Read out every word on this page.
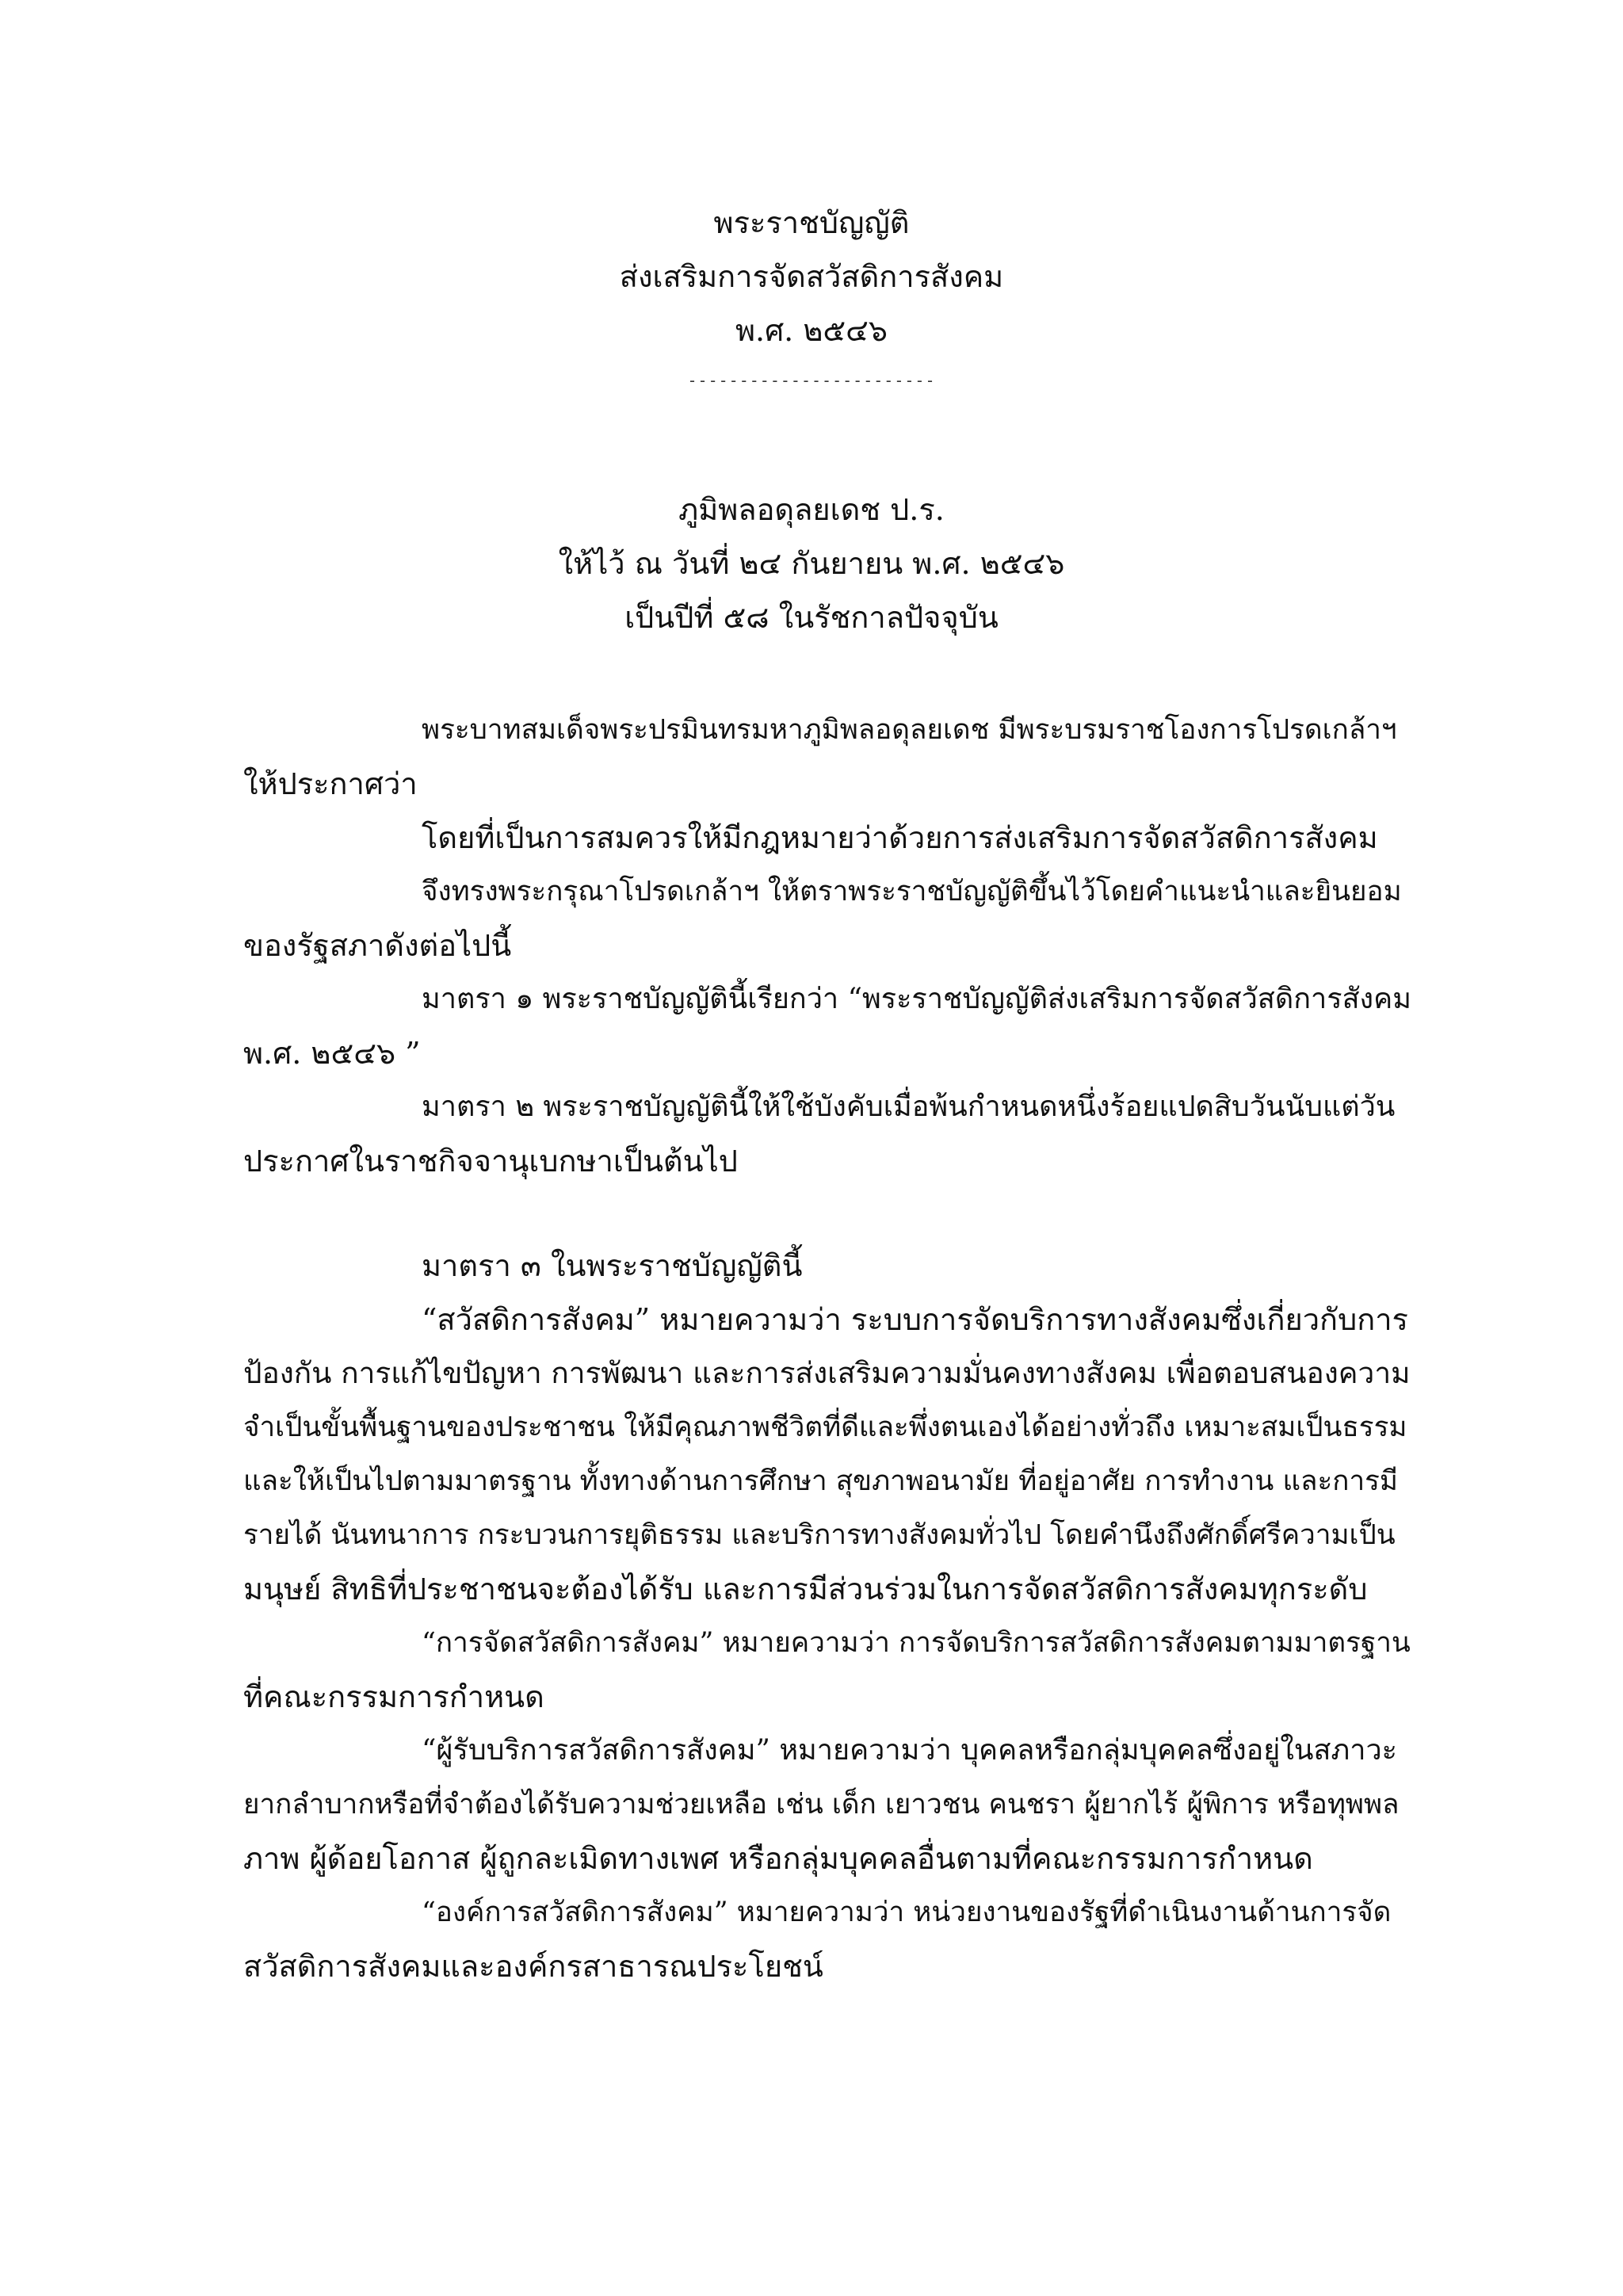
พระราชบัญญัติ
ส่งเสริมการจัดสวัสดิการสังคม
พ.ศ. ๒๕๔๖
------------------------
ภูมิพลอดุลยเดช ป.ร.
ให้ไว้ ณ วันที่ ๒๔ กันยายน พ.ศ. ๒๕๔๖
เป็นปีที่ ๕๘ ในรัชกาลปัจจุบัน
พระบาทสมเด็จพระปรมินทรมหาภูมิพลอดุลยเดช มีพระบรมราชโองการโปรดเกล้าฯ
ให้ประกาศว่า
โดยที่เป็นการสมควรให้มีกฎหมายว่าด้วยการส่งเสริมการจัดสวัสดิการสังคม
จึงทรงพระกรุณาโปรดเกล้าฯ ให้ตราพระราชบัญญัติขึ้นไว้โดยคำแนะนำและยินยอม
ของรัฐสภาดังต่อไปนี้
มาตรา ๑ พระราชบัญญัตินี้เรียกว่า “พระราชบัญญัติส่งเสริมการจัดสวัสดิการสังคม
พ.ศ. ๒๕๔๖ ”
มาตรา ๒ พระราชบัญญัตินี้ให้ใช้บังคับเมื่อพ้นกำหนดหนึ่งร้อยแปดสิบวันนับแต่วัน
ประกาศในราชกิจจานุเบกษาเป็นต้นไป
มาตรา ๓ ในพระราชบัญญัตินี้
“สวัสดิการสังคม” หมายความว่า ระบบการจัดบริการทางสังคมซึ่งเกี่ยวกับการ
ป้องกัน การแก้ไขปัญหา การพัฒนา และการส่งเสริมความมั่นคงทางสังคม เพื่อตอบสนองความ
จำเป็นขั้นพื้นฐานของประชาชน ให้มีคุณภาพชีวิตที่ดีและพึ่งตนเองได้อย่างทั่วถึง เหมาะสมเป็นธรรม
และให้เป็นไปตามมาตรฐาน ทั้งทางด้านการศึกษา สุขภาพอนามัย ที่อยู่อาศัย การทำงาน และการมี
รายได้ นันทนาการ กระบวนการยุติธรรม และบริการทางสังคมทั่วไป โดยคำนึงถึงศักดิ์ศรีความเป็น
มนุษย์ สิทธิที่ประชาชนจะต้องได้รับ และการมีส่วนร่วมในการจัดสวัสดิการสังคมทุกระดับ
“การจัดสวัสดิการสังคม” หมายความว่า การจัดบริการสวัสดิการสังคมตามมาตรฐาน
ที่คณะกรรมการกำหนด
“ผู้รับบริการสวัสดิการสังคม” หมายความว่า บุคคลหรือกลุ่มบุคคลซึ่งอยู่ในสภาวะ
ยากลำบากหรือที่จำต้องได้รับความช่วยเหลือ เช่น เด็ก เยาวชน คนชรา ผู้ยากไร้ ผู้พิการ หรือทุพพล
ภาพ ผู้ด้อยโอกาส ผู้ถูกละเมิดทางเพศ หรือกลุ่มบุคคลอื่นตามที่คณะกรรมการกำหนด
“องค์การสวัสดิการสังคม” หมายความว่า หน่วยงานของรัฐที่ดำเนินงานด้านการจัด
สวัสดิการสังคมและองค์กรสาธารณประโยชน์
